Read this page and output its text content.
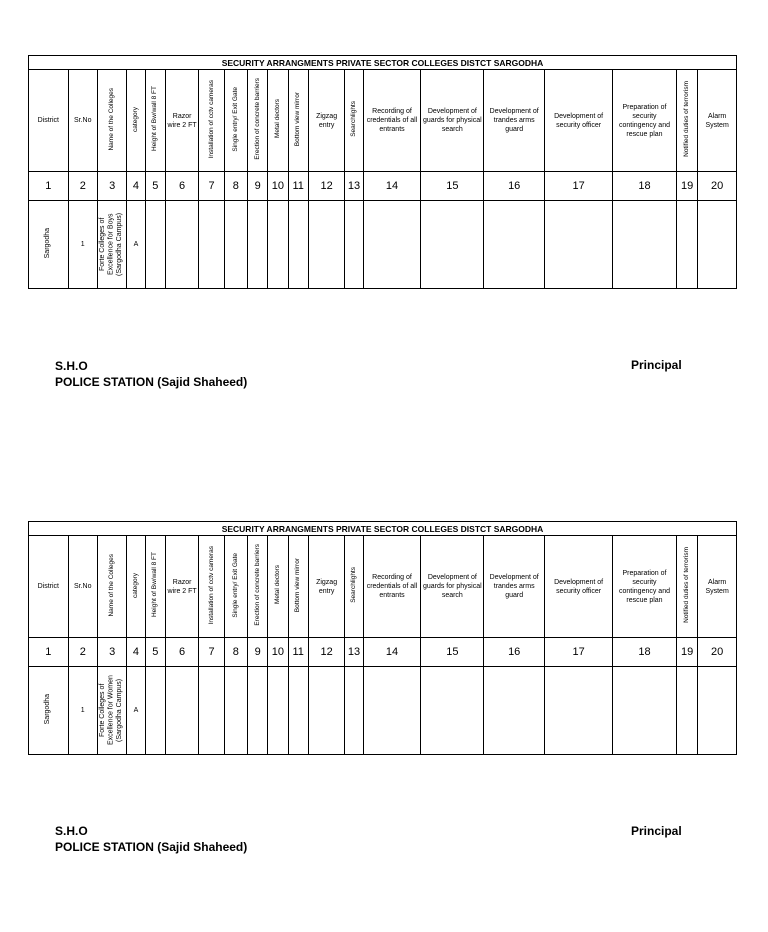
SECURITY ARRANGMENTS PRIVATE SECTOR COLLEGES DISTCT SARGODHA																			
District	Sr.No	Name of the Colleges	category	Height of Bw/wall 8 FT	Razor wire 2 FT	Installation of cctv cameras	Single entry/ Exit Gate	Erection of concrete barriers	Metal dectors	Bottom view mirror	Zigzag entry	Searchlights	Recording of credentials of all entrants	Development of guards for physical search	Development of trandes arms guard	Development of security officer	Preparation of security contingency and rescue plan	Notified duties of terrorism	Alarm System
1	2	3	4	5	6	7	8	9	10	11	12	13	14	15	16	17	18	19	20
Sargodha	1	Forte Colleges of Excellence for Boys (Sargodha Campus)	A																
S.H.O
POLICE STATION (Sajid Shaheed)
Principal
SECURITY ARRANGMENTS PRIVATE SECTOR COLLEGES DISTCT SARGODHA																			
District	Sr.No	Name of the Colleges	category	Height of Bw/wall 8 FT	Razor wire 2 FT	Installation of cctv cameras	Single entry/ Exit Gate	Erection of concrete barriers	Metal dectors	Bottom view mirror	Zigzag entry	Searchlights	Recording of credentials of all entrants	Development of guards for physical search	Development of trandes arms guard	Development of security officer	Preparation of security contingency and rescue plan	Notified duties of terrorism	Alarm System
1	2	3	4	5	6	7	8	9	10	11	12	13	14	15	16	17	18	19	20
Sargodha	1	Forte Colleges of Excellence for Women (Sargodha Campus)	A																
S.H.O
POLICE STATION (Sajid Shaheed)
Principal
